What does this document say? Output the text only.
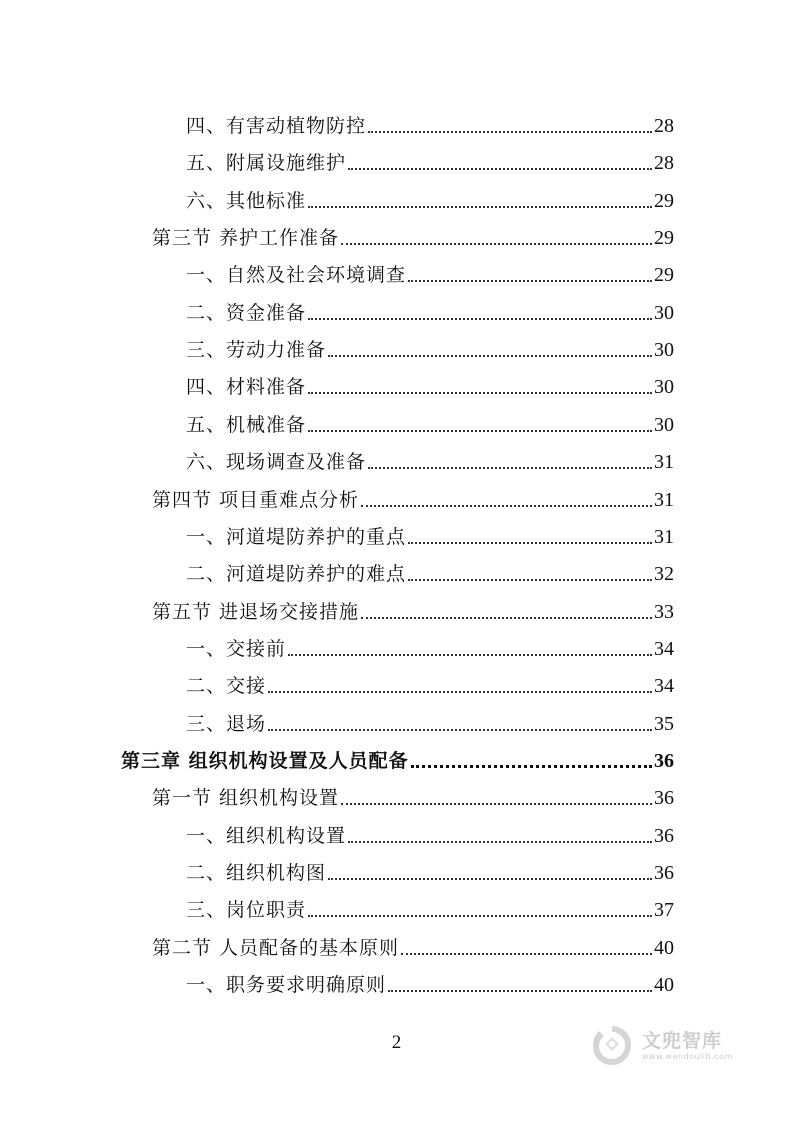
四、有害动植物防控	28
五、附属设施维护	28
六、其他标准	29
第三节 养护工作准备	29
一、自然及社会环境调查	29
二、资金准备	30
三、劳动力准备	30
四、材料准备	30
五、机械准备	30
六、现场调查及准备	31
第四节 项目重难点分析	31
一、河道堤防养护的重点	31
二、河道堤防养护的难点	32
第五节 进退场交接措施	33
一、交接前	34
二、交接	34
三、退场	35
第三章 组织机构设置及人员配备	36
第一节 组织机构设置	36
一、组织机构设置	36
二、组织机构图	36
三、岗位职责	37
第二节 人员配备的基本原则	40
一、职务要求明确原则	40
2	文兜智库
www.wendoulib.com
